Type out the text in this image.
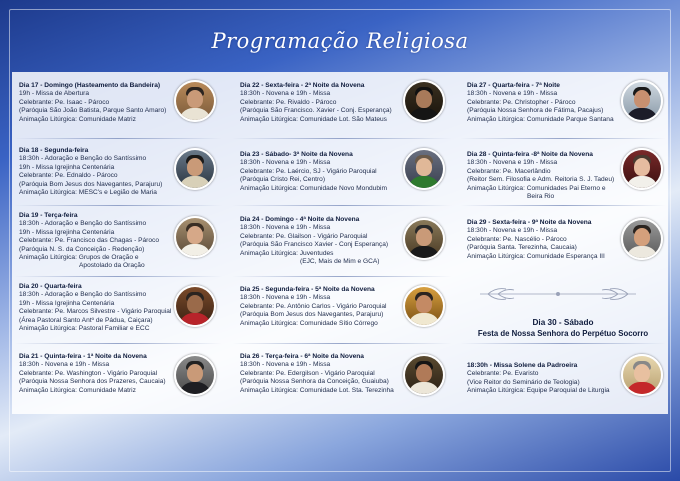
Programação Religiosa
Dia 17 - Domingo (Hasteamento da Bandeira)
19h - Missa de Abertura
Celebrante: Pe. Isaac - Pároco
(Paróquia São João Batista, Parque Santo Amaro)
Animação Litúrgica: Comunidade Matriz
Dia 18 - Segunda-feira
18:30h - Adoração e Benção do Santíssimo
19h - Missa Igrejinha Centenária
Celebrante: Pe. Ednaldo - Pároco
(Paróquia Bom Jesus dos Navegantes, Parajuru)
Animação Litúrgica: MESC's e Legião de Maria
Dia 19 - Terça-feira
18:30h - Adoração e Benção do Santíssimo
19h - Missa Igrejinha Centenária
Celebrante: Pe. Francisco das Chagas - Pároco
(Paróquia N. S. da Conceição - Redenção)
Animação Litúrgica: Grupos de Oração e
Apostolado da Oração
Dia 20 - Quarta-feira
18:30h - Adoração e Benção do Santíssimo
19h - Missa Igrejinha Centenária
Celebrante: Pe. Marcos Silvestre - Vigário Paroquial
(Área Pastoral Santo Antº de Pádua, Caiçara)
Animação Litúrgica: Pastoral Familiar e ECC
Dia 21 - Quinta-feira - 1ª Noite da Novena
18:30h - Novena e 19h - Missa
Celebrante: Pe. Washington - Vigário Paroquial
(Paróquia Nossa Senhora dos Prazeres, Caucaia)
Animação Litúrgica: Comunidade Matriz
Dia 22 - Sexta-feira - 2ª Noite da Novena
18:30h - Novena e 19h - Missa
Celebrante: Pe. Rivaldo - Pároco
(Paróquia São Francisco. Xavier - Conj. Esperança)
Animação Litúrgica: Comunidade Lot. São Mateus
Dia 23 - Sábado- 3ª Noite da Novena
18:30h - Novena e 19h - Missa
Celebrante: Pe. Laércio, SJ - Vigário Paroquial
(Paróquia Cristo Rei, Centro)
Animação Litúrgica: Comunidade Novo Mondubim
Dia 24 - Domingo - 4ª Noite da Novena
18:30h - Novena e 19h - Missa
Celebrante: Pe. Glailson - Vigário Paroquial
(Paróquia São Francisco Xavier - Conj Esperança)
Animação Litúrgica: Juventudes
(EJC, Mais de Mim e GCA)
Dia 25 - Segunda-feira - 5ª Noite da Novena
18:30h - Novena e 19h - Missa
Celebrante: Pe. Antônio Carlos - Vigário Paroquial
(Paróquia Bom Jesus dos Navegantes, Parajuru)
Animação Litúrgica: Comunidade Sítio Córrego
Dia 26 - Terça-feira - 6ª Noite da Novena
18:30h - Novena e 19h - Missa
Celebrante: Pe. Edergilson - Vigário Paroquial
(Paróquia Nossa Senhora da Conceição, Guaiuba)
Animação Litúrgica: Comunidade Lot. Sta. Terezinha
Dia 27 - Quarta-feira - 7ª Noite
18:30h - Novena e 19h - Missa
Celebrante: Pe. Christopher - Pároco
(Paróquia Nossa Senhora de Fátima, Pacajus)
Animação Litúrgica: Comunidade Parque Santana
Dia 28 - Quinta-feira -8ª Noite da Novena
18:30h - Novena e 19h - Missa
Celebrante: Pe. Macerlândio
(Reitor Sem. Filosofia e Adm. Reitoria S. J. Tadeu)
Animação Litúrgica: Comunidades Pai Eterno e
Beira Rio
Dia 29 - Sexta-feira - 9ª Noite da Novena
18:30h - Novena e 19h - Missa
Celebrante: Pe. Nascélio - Pároco
(Paróquia Santa. Terezinha, Caucaia)
Animação Litúrgica: Comunidade Esperança III
Dia 30 - Sábado
Festa de Nossa Senhora do Perpétuo Socorro
18:30h - Missa Solene da Padroeira
Celebrante: Pe. Evaristo
(Vice Reitor do Seminário de Teologia)
Animação Litúrgica: Equipe Paroquial de Liturgia
